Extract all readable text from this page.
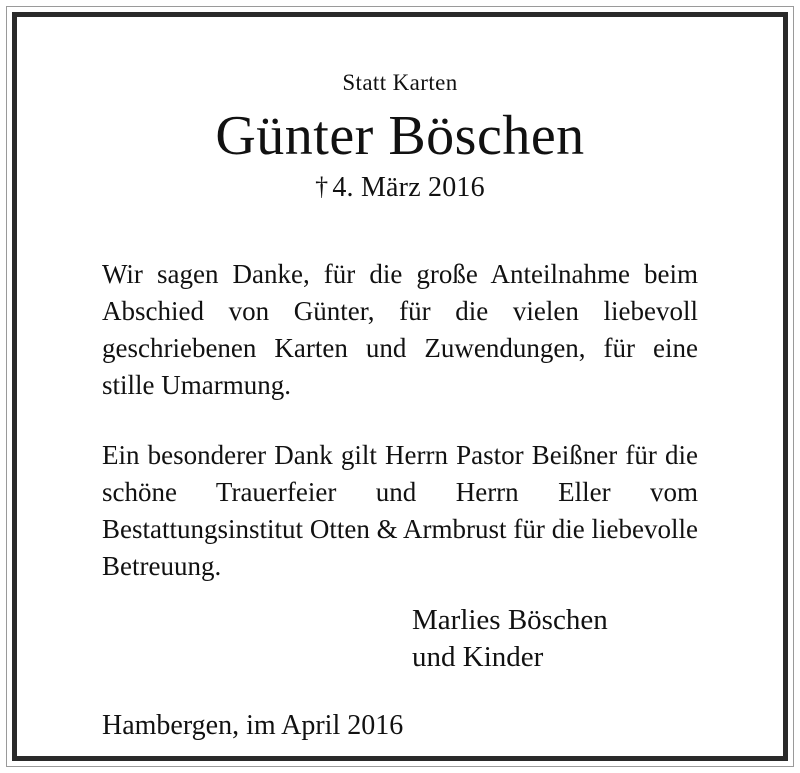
Statt Karten
Günter Böschen
† 4. März 2016

Wir sagen Danke, für die große Anteilnahme beim Abschied von Günter, für die vielen liebevoll geschriebenen Karten und Zuwendungen, für eine stille Umarmung.

Ein besonderer Dank gilt Herrn Pastor Beißner für die schöne Trauerfeier und Herrn Eller vom Bestattungsinstitut Otten & Armbrust für die liebevolle Betreuung.

Marlies Böschen
und Kinder
Hambergen, im April 2016
